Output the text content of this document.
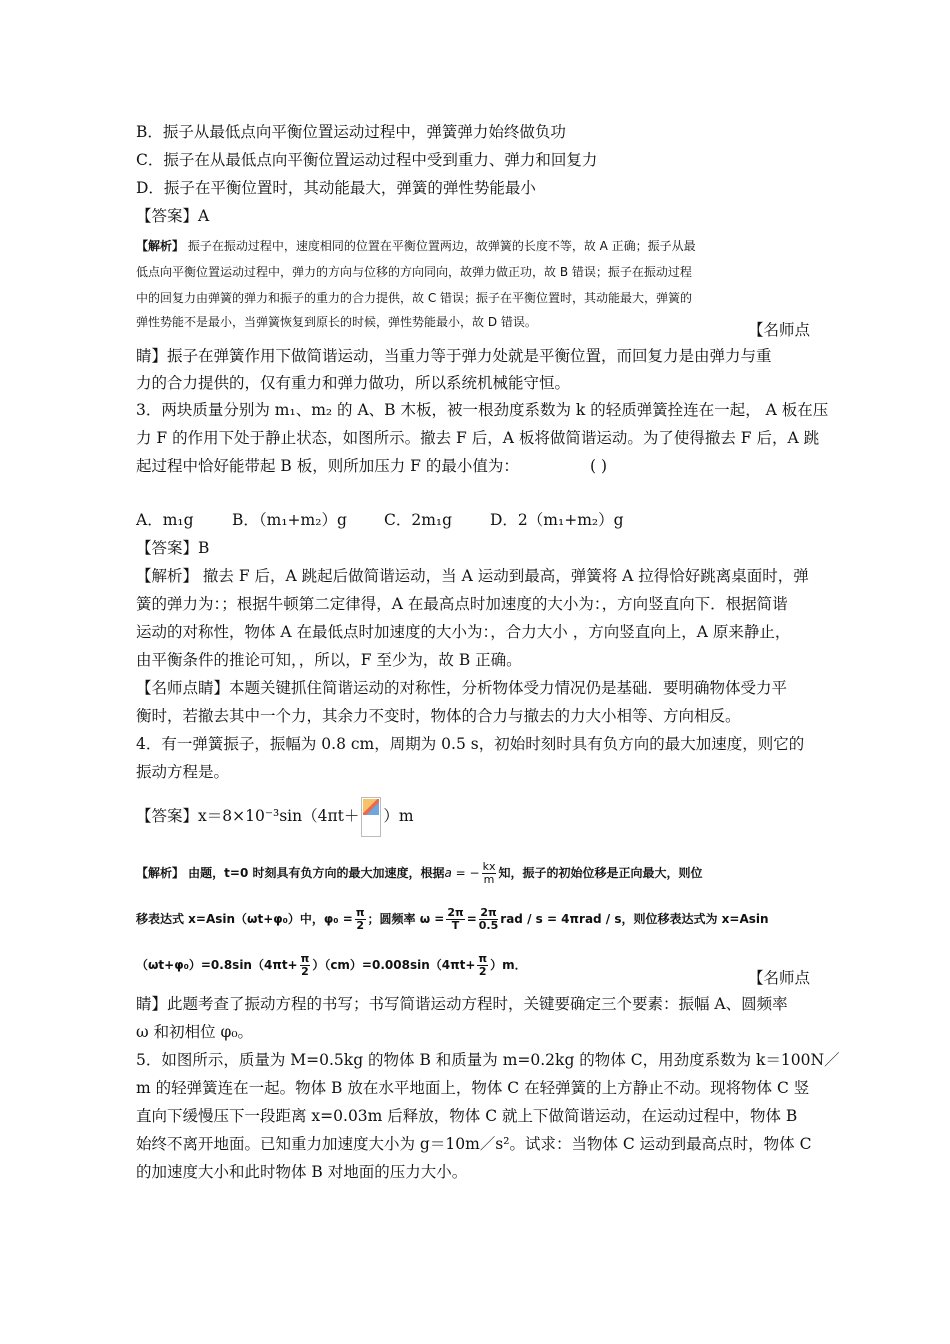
B．振子从最低点向平衡位置运动过程中，弹簧弹力始终做负功
C．振子在从最低点向平衡位置运动过程中受到重力、弹力和回复力
D．振子在平衡位置时，其动能最大，弹簧的弹性势能最小
【答案】A
【解析】 振子在振动过程中，速度相同的位置在平衡位置两边，故弹簧的长度不等，故 A 正确；振子从最
低点向平衡位置运动过程中，弹力的方向与位移的方向同向，故弹力做正功，故 B 错误；振子在振动过程
中的回复力由弹簧的弹力和振子的重力的合力提供，故 C 错误；振子在平衡位置时，其动能最大，弹簧的
弹性势能不是最小，当弹簧恢复到原长的时候，弹性势能最小，故 D 错误。	【名师点
睛】振子在弹簧作用下做简谐运动，当重力等于弹力处就是平衡位置，而回复力是由弹力与重
力的合力提供的，仅有重力和弹力做功，所以系统机械能守恒。
3．两块质量分别为 m₁、m₂ 的 A、B 木板，被一根劲度系数为 k 的轻质弹簧拴连在一起， A 板在压
力 F 的作用下处于静止状态，如图所示。撤去 F 后，A 板将做简谐运动。为了使得撤去 F 后，A 跳
起过程中恰好能带起 B 板，则所加压力 F 的最小值为：	( )
A．m₁g B．（m₁+m₂）g C．2m₁g D．2（m₁+m₂）g
【答案】B
【解析】 撤去 F 后，A 跳起后做简谐运动，当 A 运动到最高，弹簧将 A 拉得恰好跳离桌面时，弹
簧的弹力为：；根据牛顿第二定律得，A 在最高点时加速度的大小为：，方向竖直向下．根据简谐
运动的对称性，物体 A 在最低点时加速度的大小为：，合力大小 ，方向竖直向上，A 原来静止，
由平衡条件的推论可知，，所以，F 至少为，故 B 正确。
【名师点睛】本题关键抓住简谐运动的对称性，分析物体受力情况仍是基础．要明确物体受力平
衡时，若撤去其中一个力，其余力不变时，物体的合力与撤去的力大小相等、方向相反。
4．有一弹簧振子，振幅为 0.8 cm，周期为 0.5 s，初始时刻时具有负方向的最大加速度，则它的
振动方程是。
【答案】x＝8×10⁻³sin（4πt＋ ）m
【解析】 由题，t=0 时刻具有负方向的最大加速度，根据a = − $\frac{kx}{m}$ 知，振子的初始位移是正向最大，则位
移表达式 x=Asin（ωt+φ₀）中，$\varphi_0 = \frac{\pi}{2}$ ；圆频率 $\omega = \frac{2\pi}{T} = \frac{2\pi}{0.5}$ rad / s = 4πrad / s，则位移表达式为 x=Asin
$(\omega t+\varphi_0)=0.8\sin(4\pi t+ \frac{\pi}{2} )(cm)=0.008\sin(4\pi t+ \frac{\pi}{2} )m$．
【名师点
睛】此题考查了振动方程的书写；书写简谐运动方程时，关键要确定三个要素：振幅 A、圆频率
ω 和初相位 φ₀。
5．如图所示，质量为 M=0.5kg 的物体 B 和质量为 m=0.2kg 的物体 C，用劲度系数为 k＝100N／
m 的轻弹簧连在一起。物体 B 放在水平地面上，物体 C 在轻弹簧的上方静止不动。现将物体 C 竖
直向下缓慢压下一段距离 x=0.03m 后释放，物体 C 就上下做简谐运动，在运动过程中，物体 B
始终不离开地面。已知重力加速度大小为 g＝10m／s²。试求：当物体 C 运动到最高点时，物体 C
的加速度大小和此时物体 B 对地面的压力大小。
